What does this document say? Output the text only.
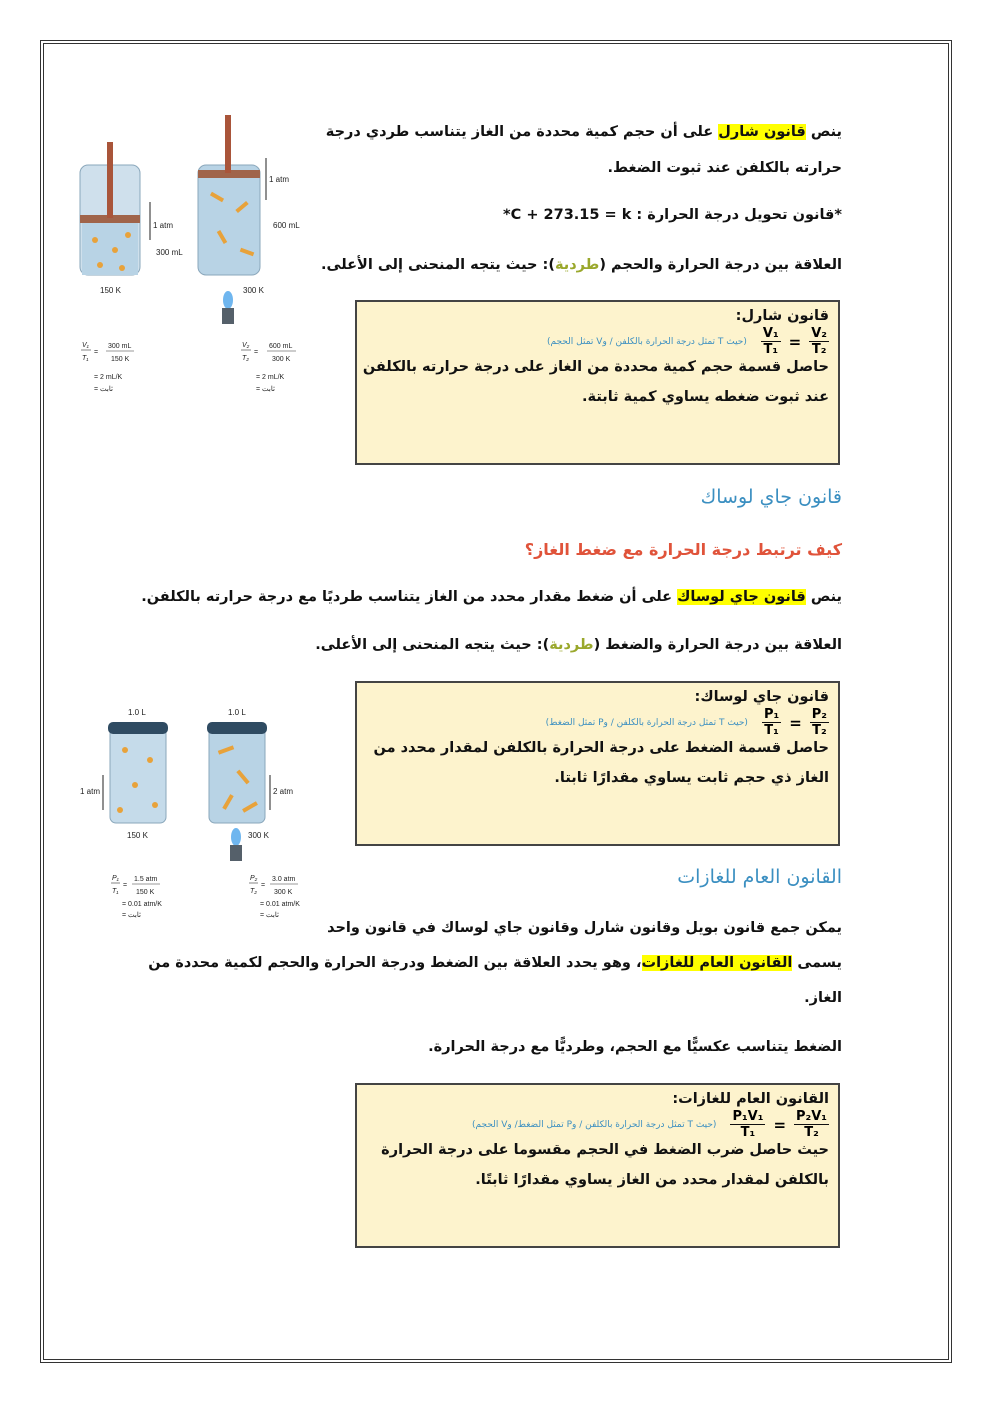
ينص قانون شارل على أن حجم كمية محددة من الغاز يتناسب طردي درجة
حرارته بالكلفن عند ثبوت الضغط.
*قانون تحويل درجة الحرارة : *C + 273.15 = k
العلاقة بين درجة الحرارة والحجم (طردية): حيث يتجه المنحنى إلى الأعلى.
قانون شارل:
$\frac{\text{V₂}}{\text{T₂}}$
=
$\frac{\text{V₁}}{\text{T₁}}$
(حيث T تمثل درجة الحرارة بالكلفن / وV تمثل الحجم)
حاصل قسمة حجم كمية محددة من الغاز على درجة حرارته بالكلفن
عند ثبوت ضغطه يساوي كمية ثابتة.
1 atm
300 mL
150 K
1 atm
600 mL
300 K
V₁
T₁
=
300 mL
150 K
= 2 mL/K
= ثابت
V₂
T₂
=
600 mL
300 K
= 2 mL/K
= ثابت
قانون جاي لوساك
كيف ترتبط درجة الحرارة مع ضغط الغاز؟
ينص قانون جاي لوساك على أن ضغط مقدار محدد من الغاز يتناسب طرديًا مع درجة حرارته بالكلفن.
العلاقة بين درجة الحرارة والضغط (طردية): حيث يتجه المنحنى إلى الأعلى.
قانون جاي لوساك:
$\frac{\text{P₂}}{\text{T₂}}$
=
$\frac{\text{P₁}}{\text{T₁}}$
(حيث T تمثل درجة الحرارة بالكلفن / وP تمثل الضغط)
حاصل قسمة الضغط على درجة الحرارة بالكلفن لمقدار محدد من
الغاز ذي حجم ثابت يساوي مقدارًا ثابتا.
1.0 L	1.0 L
1 atm
150 K
2 atm
300 K
P₁
T₁
=
1.5 atm
150 K
= 0.01 atm/K
= ثابت
P₂
T₂
=
3.0 atm
300 K
= 0.01 atm/K
= ثابت
القانون العام للغازات
يمكن جمع قانون بويل وقانون شارل وقانون جاي لوساك في قانون واحد
يسمى القانون العام للغازات، وهو يحدد العلاقة بين الضغط ودرجة الحرارة والحجم لكمية محددة من
الغاز.
الضغط يتناسب عكسيًّا مع الحجم، وطرديًّا مع درجة الحرارة.
القانون العام للغازات:
$\frac{\text{P₂V₁}}{\text{T₂}}$
=
$\frac{\text{P₁V₁}}{\text{T₁}}$
(حيث T تمثل درجة الحرارة بالكلفن / وP تمثل الضغط/ وV الحجم)
حيث حاصل ضرب الضغط في الحجم مقسوما على درجة الحرارة
بالكلفن لمقدار محدد من الغاز يساوي مقدارًا ثابتًا.
